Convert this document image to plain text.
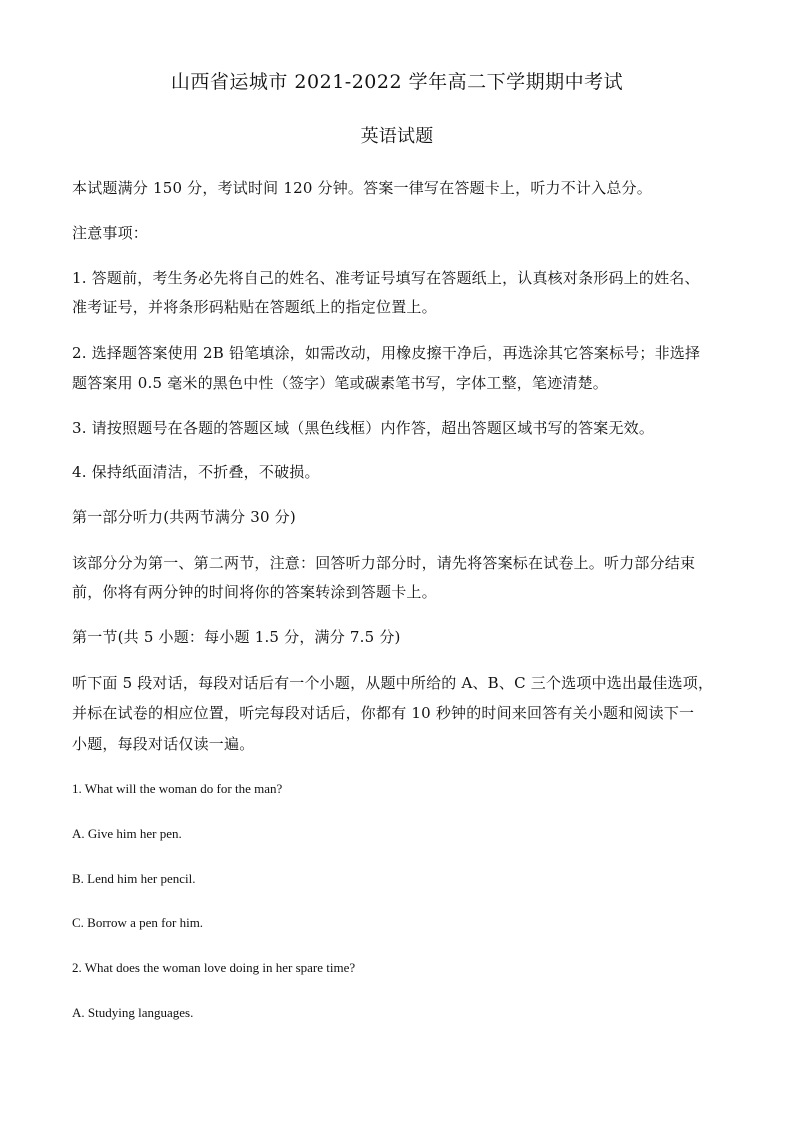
山西省运城市 2021-2022 学年高二下学期期中考试
英语试题
本试题满分 150 分，考试时间 120 分钟。答案一律写在答题卡上，听力不计入总分。
注意事项：
1. 答题前，考生务必先将自己的姓名、准考证号填写在答题纸上，认真核对条形码上的姓名、
准考证号，并将条形码粘贴在答题纸上的指定位置上。
2. 选择题答案使用 2B 铅笔填涂，如需改动，用橡皮擦干净后，再选涂其它答案标号；非选择
题答案用 0.5 毫米的黑色中性（签字）笔或碳素笔书写，字体工整，笔迹清楚。
3. 请按照题号在各题的答题区域（黑色线框）内作答，超出答题区域书写的答案无效。
4. 保持纸面清洁，不折叠，不破损。
第一部分听力(共两节满分 30 分)
该部分分为第一、第二两节，注意：回答听力部分时，请先将答案标在试卷上。听力部分结束
前，你将有两分钟的时间将你的答案转涂到答题卡上。
第一节(共 5 小题：每小题 1.5 分，满分 7.5 分)
听下面 5 段对话，每段对话后有一个小题，从题中所给的 A、B、C 三个选项中选出最佳选项，
并标在试卷的相应位置，听完每段对话后，你都有 10 秒钟的时间来回答有关小题和阅读下一
小题，每段对话仅读一遍。
1. What will the woman do for the man?
A. Give him her pen.
B. Lend him her pencil.
C. Borrow a pen for him.
2. What does the woman love doing in her spare time?
A. Studying languages.
